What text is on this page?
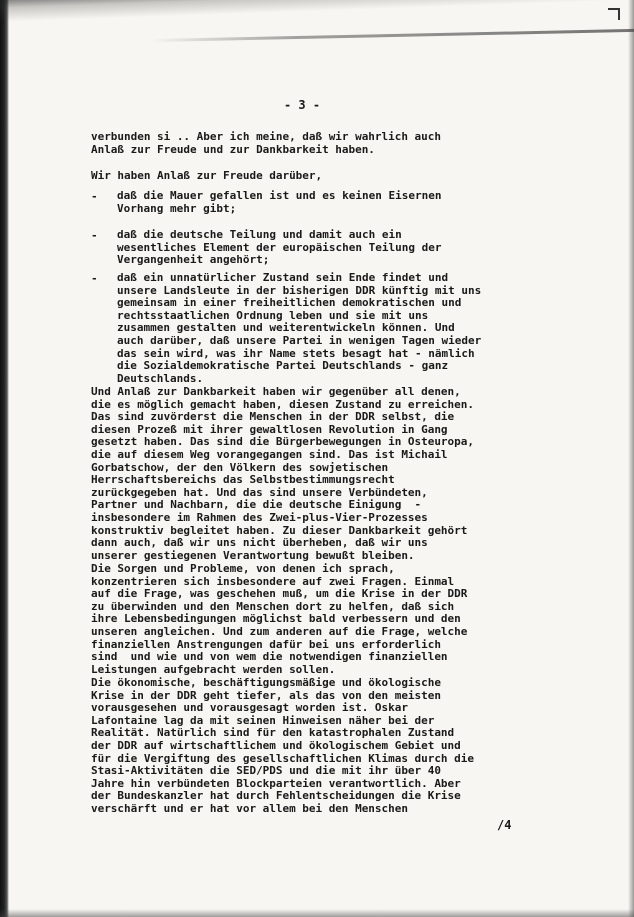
- 3 -
verbunden si .. Aber ich meine, daß wir wahrlich auch
Anlaß zur Freude und zur Dankbarkeit haben.
Wir haben Anlaß zur Freude darüber,
- daß die Mauer gefallen ist und es keinen Eisernen
Vorhang mehr gibt;
- daß die deutsche Teilung und damit auch ein
wesentliches Element der europäischen Teilung der
Vergangenheit angehört;
- daß ein unnatürlicher Zustand sein Ende findet und
unsere Landsleute in der bisherigen DDR künftig mit uns
gemeinsam in einer freiheitlichen demokratischen und
rechtsstaatlichen Ordnung leben und sie mit uns
zusammen gestalten und weiterentwickeln können. Und
auch darüber, daß unsere Partei in wenigen Tagen wieder
das sein wird, was ihr Name stets besagt hat - nämlich
die Sozialdemokratische Partei Deutschlands - ganz
Deutschlands.
Und Anlaß zur Dankbarkeit haben wir gegenüber all denen,
die es möglich gemacht haben, diesen Zustand zu erreichen.
Das sind zuvörderst die Menschen in der DDR selbst, die
diesen Prozeß mit ihrer gewaltlosen Revolution in Gang
gesetzt haben. Das sind die Bürgerbewegungen in Osteuropa,
die auf diesem Weg vorangegangen sind. Das ist Michail
Gorbatschow, der den Völkern des sowjetischen
Herrschaftsbereichs das Selbstbestimmungsrecht
zurückgegeben hat. Und das sind unsere Verbündeten,
Partner und Nachbarn, die die deutsche Einigung  -
insbesondere im Rahmen des Zwei-plus-Vier-Prozesses
konstruktiv begleitet haben. Zu dieser Dankbarkeit gehört
dann auch, daß wir uns nicht überheben, daß wir uns
unserer gestiegenen Verantwortung bewußt bleiben.
Die Sorgen und Probleme, von denen ich sprach,
konzentrieren sich insbesondere auf zwei Fragen. Einmal
auf die Frage, was geschehen muß, um die Krise in der DDR
zu überwinden und den Menschen dort zu helfen, daß sich
ihre Lebensbedingungen möglichst bald verbessern und den
unseren angleichen. Und zum anderen auf die Frage, welche
finanziellen Anstrengungen dafür bei uns erforderlich
sind  und wie und von wem die notwendigen finanziellen
Leistungen aufgebracht werden sollen.
Die ökonomische, beschäftigungsmäßige und ökologische
Krise in der DDR geht tiefer, als das von den meisten
vorausgesehen und vorausgesagt worden ist. Oskar
Lafontaine lag da mit seinen Hinweisen näher bei der
Realität. Natürlich sind für den katastrophalen Zustand
der DDR auf wirtschaftlichem und ökologischem Gebiet und
für die Vergiftung des gesellschaftlichen Klimas durch die
Stasi-Aktivitäten die SED/PDS und die mit ihr über 40
Jahre hin verbündeten Blockparteien verantwortlich. Aber
der Bundeskanzler hat durch Fehlentscheidungen die Krise
verschärft und er hat vor allem bei den Menschen
/4
